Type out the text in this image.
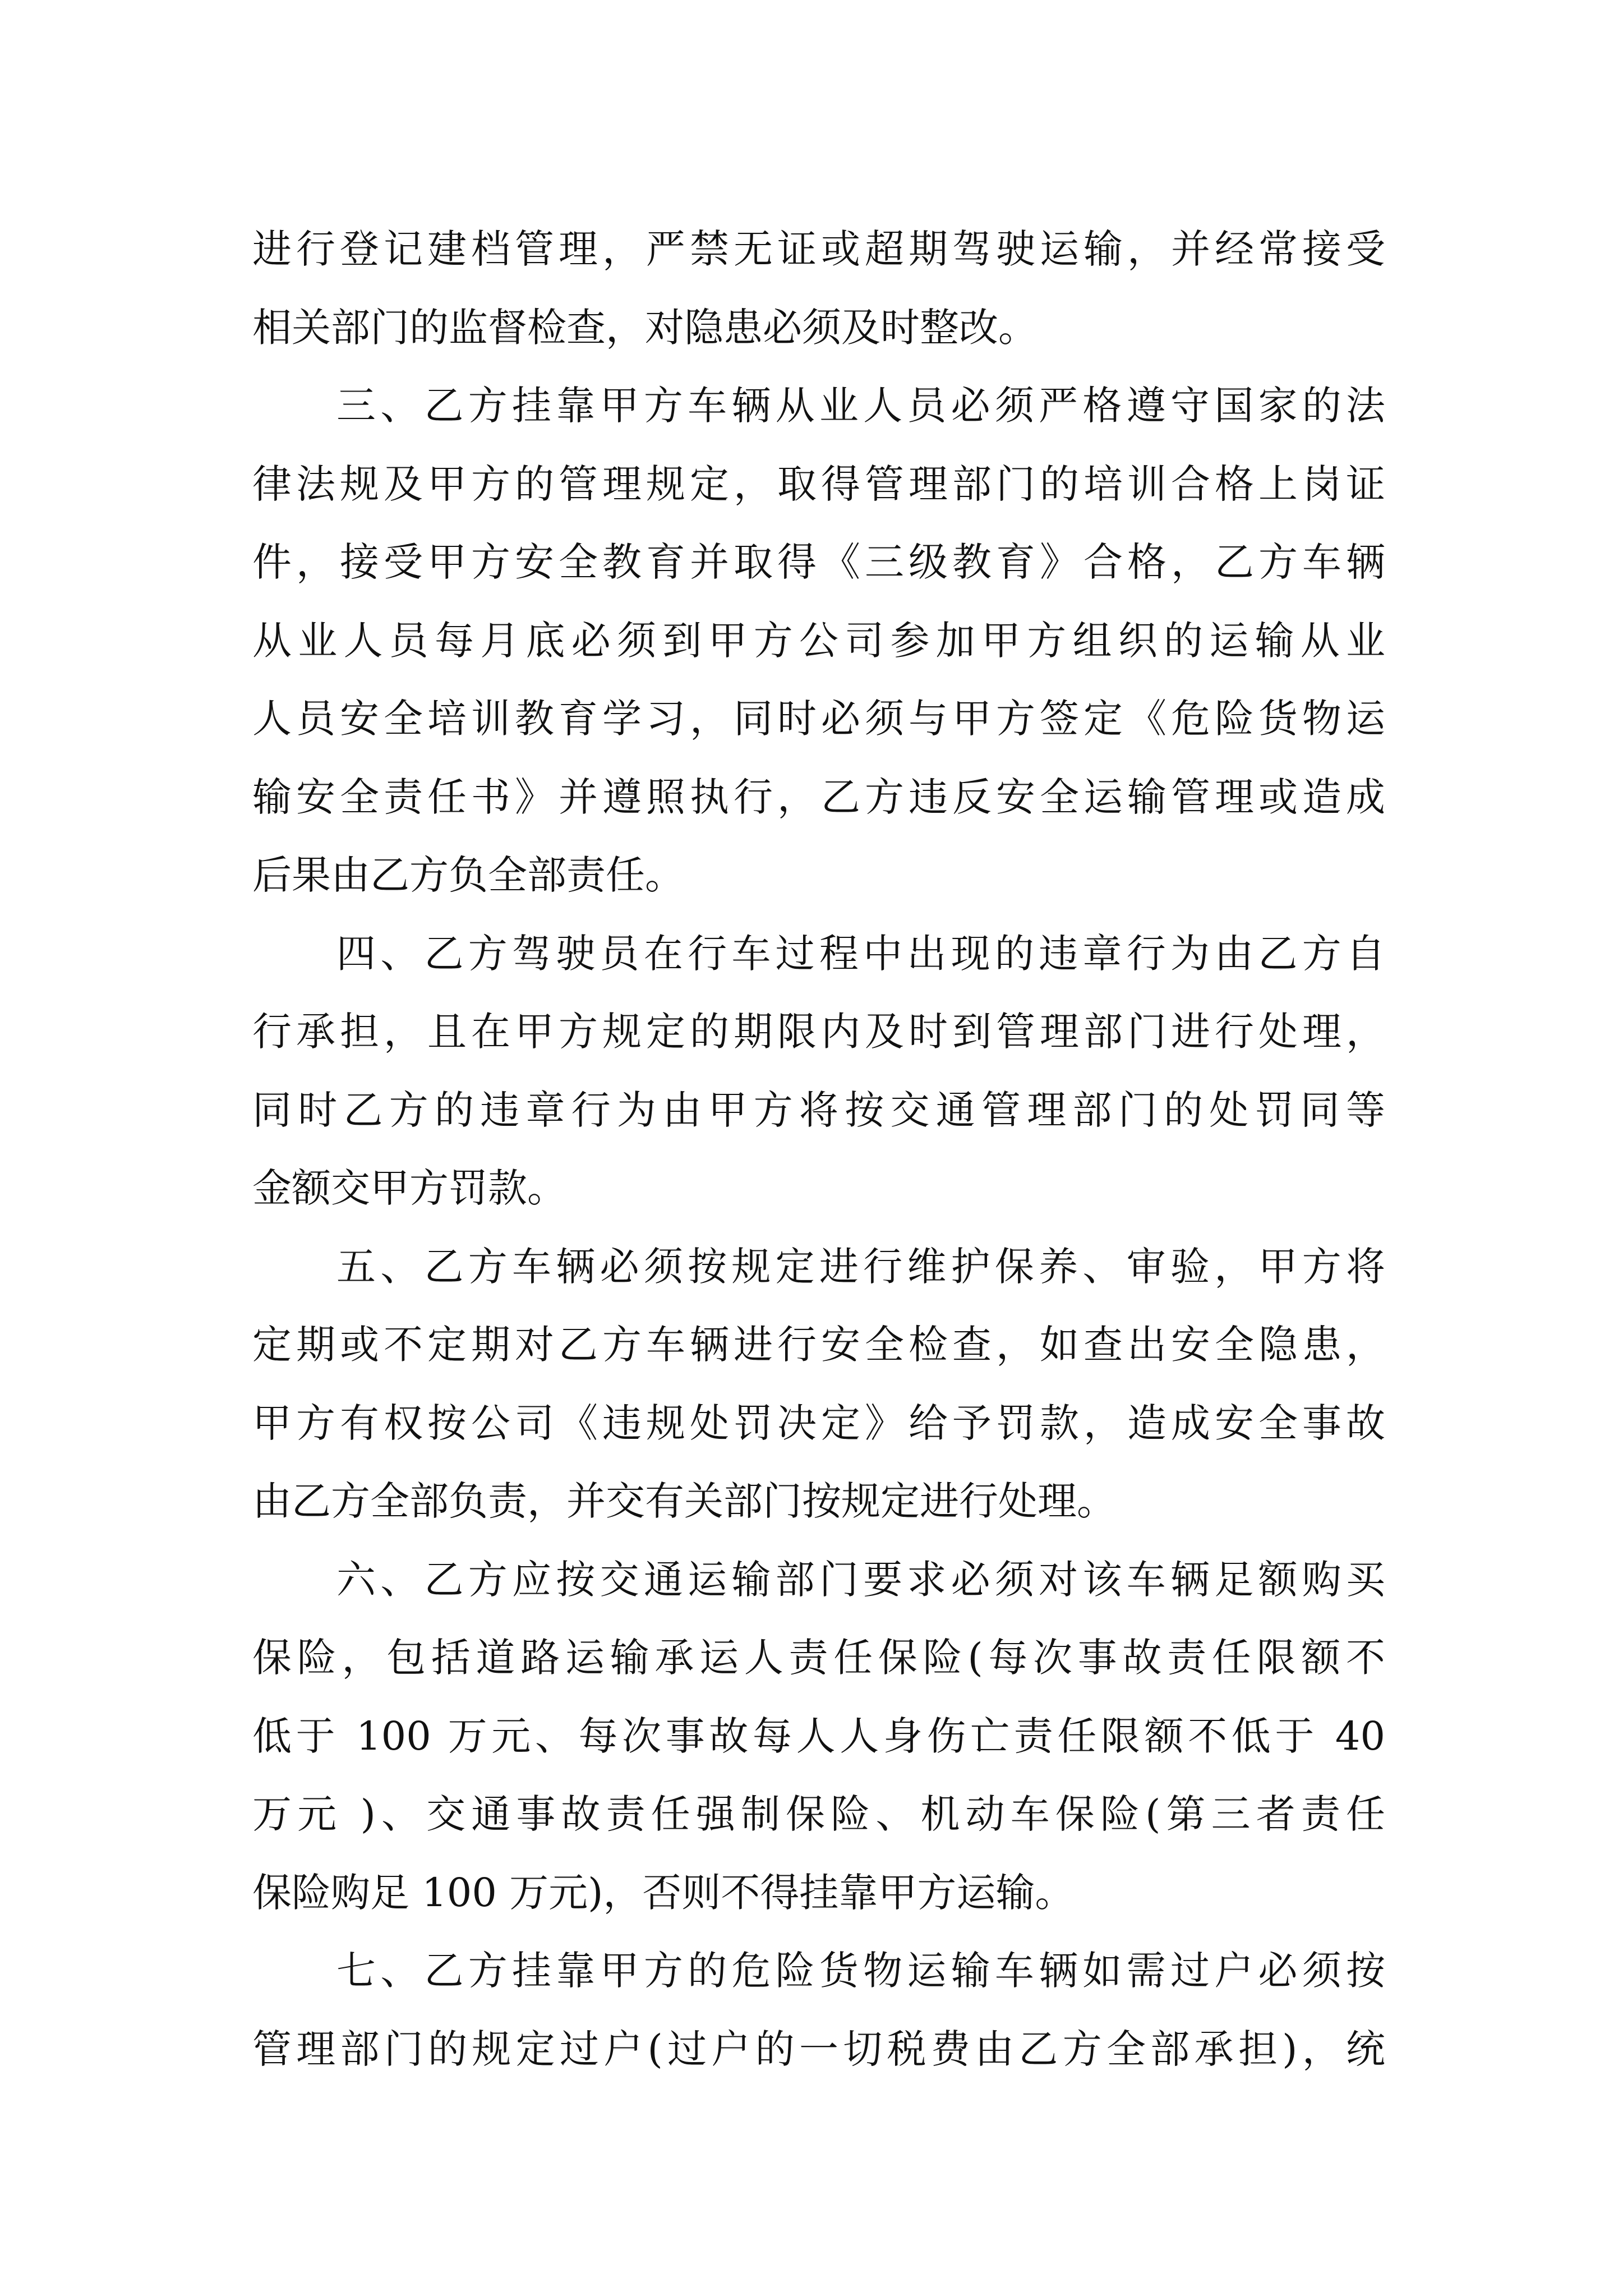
进行登记建档管理，严禁无证或超期驾驶运输，并经常接受
相关部门的监督检查，对隐患必须及时整改。
三、乙方挂靠甲方车辆从业人员必须严格遵守国家的法
律法规及甲方的管理规定，取得管理部门的培训合格上岗证
件，接受甲方安全教育并取得《三级教育》合格，乙方车辆
从业人员每月底必须到甲方公司参加甲方组织的运输从业
人员安全培训教育学习，同时必须与甲方签定《危险货物运
输安全责任书》并遵照执行，乙方违反安全运输管理或造成
后果由乙方负全部责任。
四、乙方驾驶员在行车过程中出现的违章行为由乙方自
行承担，且在甲方规定的期限内及时到管理部门进行处理，
同时乙方的违章行为由甲方将按交通管理部门的处罚同等
金额交甲方罚款。
五、乙方车辆必须按规定进行维护保养、审验，甲方将
定期或不定期对乙方车辆进行安全检查，如查出安全隐患，
甲方有权按公司《违规处罚决定》给予罚款，造成安全事故
由乙方全部负责，并交有关部门按规定进行处理。
六、乙方应按交通运输部门要求必须对该车辆足额购买
保险，包括道路运输承运人责任保险(每次事故责任限额不
低于 100 万元、每次事故每人人身伤亡责任限额不低于 40
万元 )、交通事故责任强制保险、机动车保险(第三者责任
保险购足 100 万元)，否则不得挂靠甲方运输。
七、乙方挂靠甲方的危险货物运输车辆如需过户必须按
管理部门的规定过户(过户的一切税费由乙方全部承担)，统
